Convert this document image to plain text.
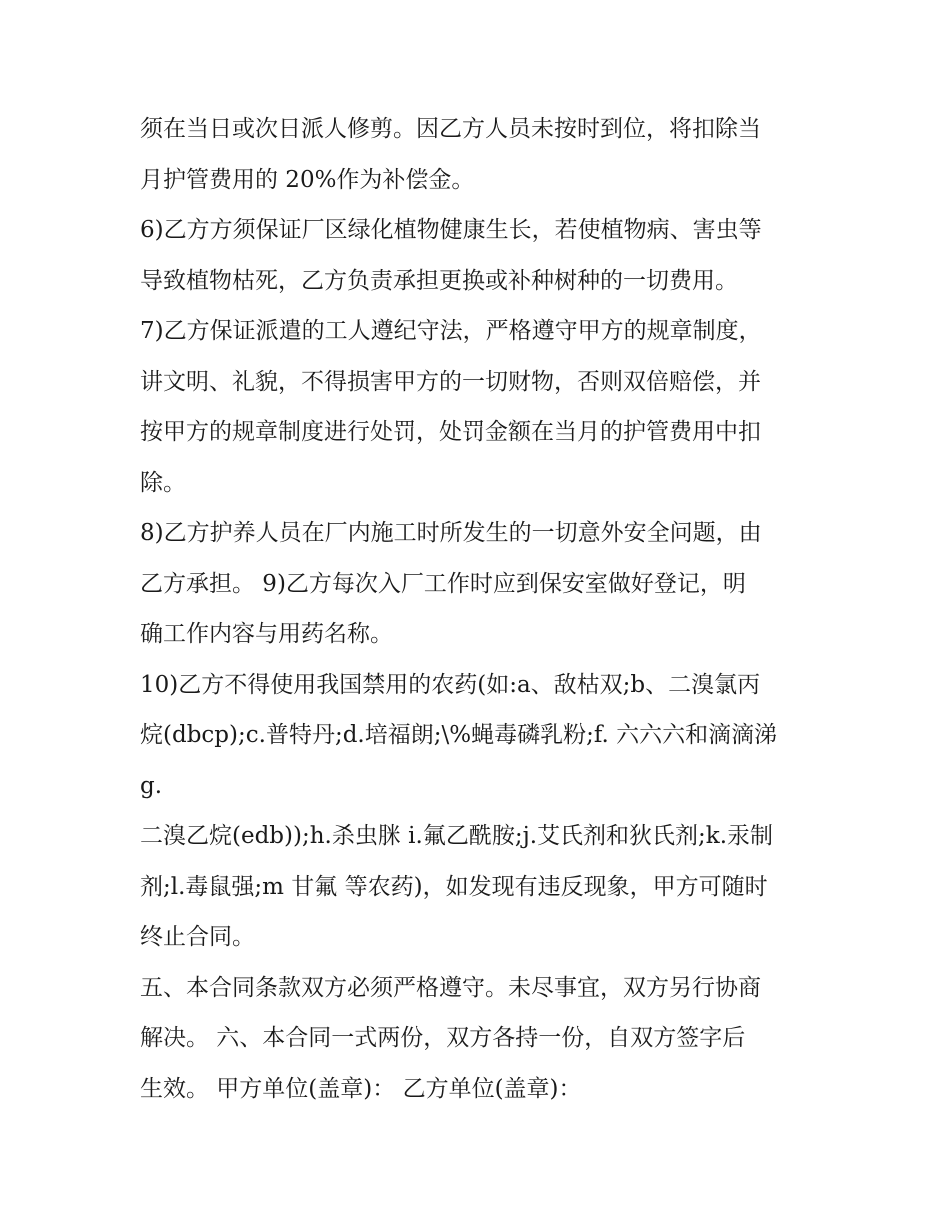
须在当日或次日派人修剪。因乙方人员未按时到位，将扣除当

月护管费用的 20%作为补偿金。

6)乙方方须保证厂区绿化植物健康生长，若使植物病、害虫等

导致植物枯死，乙方负责承担更换或补种树种的一切费用。

7)乙方保证派遣的工人遵纪守法，严格遵守甲方的规章制度，

讲文明、礼貌，不得损害甲方的一切财物，否则双倍赔偿，并

按甲方的规章制度进行处罚，处罚金额在当月的护管费用中扣

除。

8)乙方护养人员在厂内施工时所发生的一切意外安全问题，由

乙方承担。 9)乙方每次入厂工作时应到保安室做好登记，明

确工作内容与用药名称。

10)乙方不得使用我国禁用的农药(如:a、敌枯双;b、二溴氯丙

烷(dbcp);c.普特丹;d.培福朗;\%蝇毒磷乳粉;f. 六六六和滴滴涕

g.

二溴乙烷(edb));h.杀虫脒 i.氟乙酰胺;j.艾氏剂和狄氏剂;k.汞制

剂;l.毒鼠强;m 甘氟 等农药)，如发现有违反现象，甲方可随时

终止合同。

五、本合同条款双方必须严格遵守。未尽事宜，双方另行协商

解决。 六、本合同一式两份，双方各持一份，自双方签字后

生效。 甲方单位(盖章)： 乙方单位(盖章)：
